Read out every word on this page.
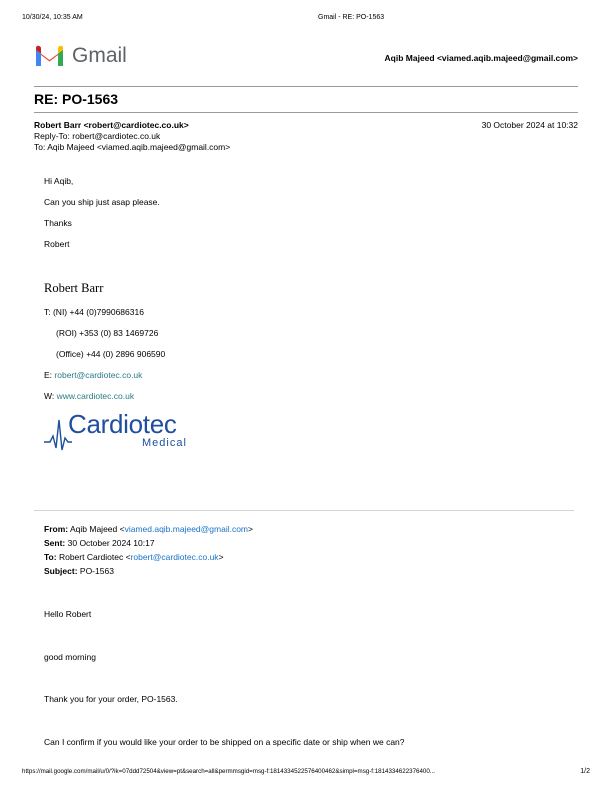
10/30/24, 10:35 AM	Gmail - RE: PO-1563
Gmail	Aqib Majeed <viamed.aqib.majeed@gmail.com>
RE: PO-1563
Robert Barr <robert@cardiotec.co.uk>	30 October 2024 at 10:32
Reply-To: robert@cardiotec.co.uk
To: Aqib Majeed <viamed.aqib.majeed@gmail.com>
Hi Aqib,
Can you ship just asap please.
Thanks
Robert
Robert Barr
T: (NI) +44 (0)7990686316
(ROI) +353 (0) 83 1469726
(Office) +44 (0) 2896 906590
E: robert@cardiotec.co.uk
W: www.cardiotec.co.uk
Cardiotec
Medical
From: Aqib Majeed <viamed.aqib.majeed@gmail.com>
Sent: 30 October 2024 10:17
To: Robert Cardiotec <robert@cardiotec.co.uk>
Subject: PO-1563
Hello Robert
good morning
Thank you for your order, PO-1563.
Can I confirm if you would like your order to be shipped on a specific date or ship when we can?
https://mail.google.com/mail/u/0/?ik=07ddd72504&view=pt&search=all&permmsgid=msg-f:1814334522576400462&simpl=msg-f:1814334622376400...	1/2
